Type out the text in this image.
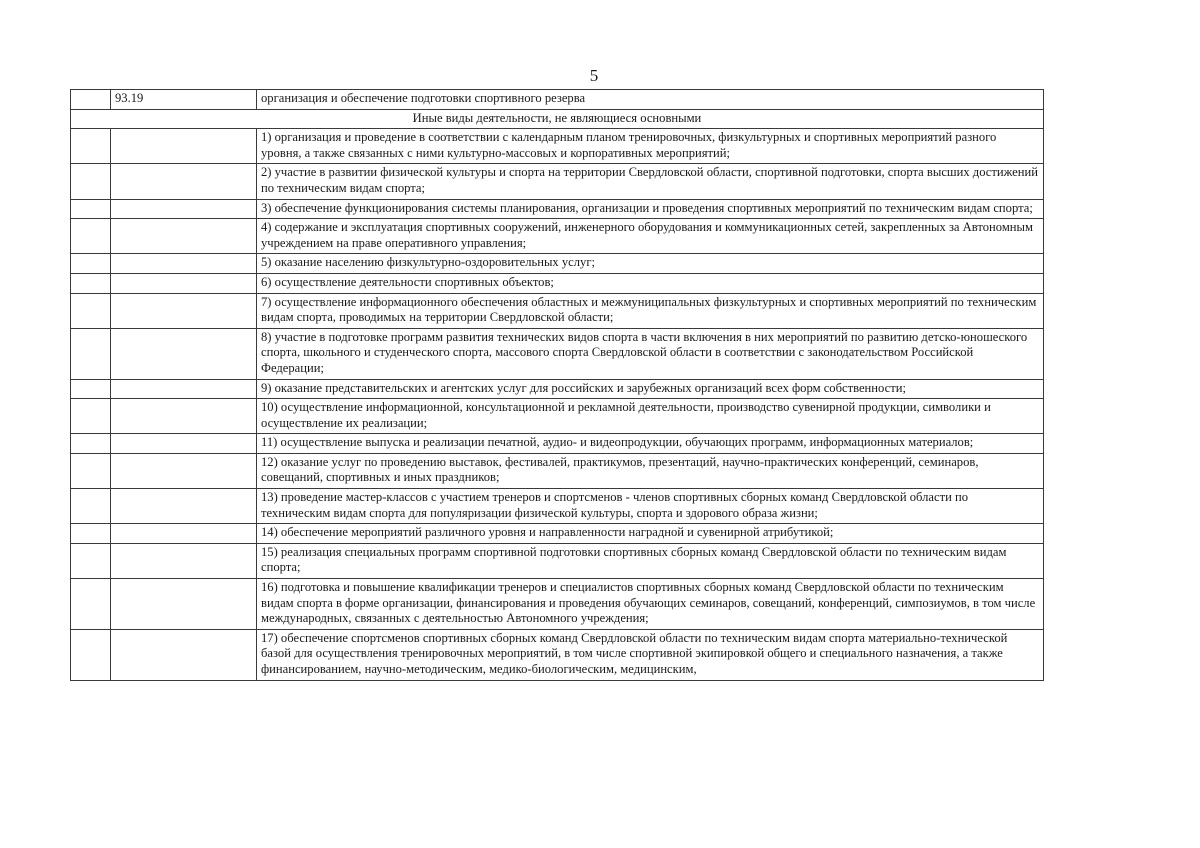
5
	93.19	организация и обеспечение подготовки спортивного резерва
Иные виды деятельности, не являющиеся основными		
		1) организация и проведение в соответствии с календарным планом тренировочных, физкультурных и спортивных мероприятий разного уровня, а также связанных с ними культурно-массовых и корпоративных мероприятий;
		2) участие в развитии физической культуры и спорта на территории Свердловской области, спортивной подготовки, спорта высших достижений по техническим видам спорта;
		3) обеспечение функционирования системы планирования, организации и проведения спортивных мероприятий по техническим видам спорта;
		4) содержание и эксплуатация спортивных сооружений, инженерного оборудования и коммуникационных сетей, закрепленных за Автономным учреждением на праве оперативного управления;
		5) оказание населению физкультурно-оздоровительных услуг;
		6) осуществление деятельности спортивных объектов;
		7) осуществление информационного обеспечения областных и межмуниципальных физкультурных и спортивных мероприятий по техническим видам спорта, проводимых на территории Свердловской области;
		8) участие в подготовке программ развития технических видов спорта в части включения в них мероприятий по развитию детско-юношеского спорта, школьного и студенческого спорта, массового спорта Свердловской области в соответствии с законодательством Российской Федерации;
		9) оказание представительских и агентских услуг для российских и зарубежных организаций всех форм собственности;
		10) осуществление информационной, консультационной и рекламной деятельности, производство сувенирной продукции, символики и осуществление их реализации;
		11) осуществление выпуска и реализации печатной, аудио- и видеопродукции, обучающих программ, информационных материалов;
		12) оказание услуг по проведению выставок, фестивалей, практикумов, презентаций, научно-практических конференций, семинаров, совещаний, спортивных и иных праздников;
		13) проведение мастер-классов с участием тренеров и спортсменов - членов спортивных сборных команд Свердловской области по техническим видам спорта для популяризации физической культуры, спорта и здорового образа жизни;
		14) обеспечение мероприятий различного уровня и направленности наградной и сувенирной атрибутикой;
		15) реализация специальных программ спортивной подготовки спортивных сборных команд Свердловской области по техническим видам спорта;
		16) подготовка и повышение квалификации тренеров и специалистов спортивных сборных команд Свердловской области по техническим видам спорта в форме организации, финансирования и проведения обучающих семинаров, совещаний, конференций, симпозиумов, в том числе международных, связанных с деятельностью Автономного учреждения;
		17) обеспечение спортсменов спортивных сборных команд Свердловской области по техническим видам спорта материально-технической базой для осуществления тренировочных мероприятий, в том числе спортивной экипировкой общего и специального назначения, а также финансированием, научно-методическим, медико-биологическим, медицинским,
